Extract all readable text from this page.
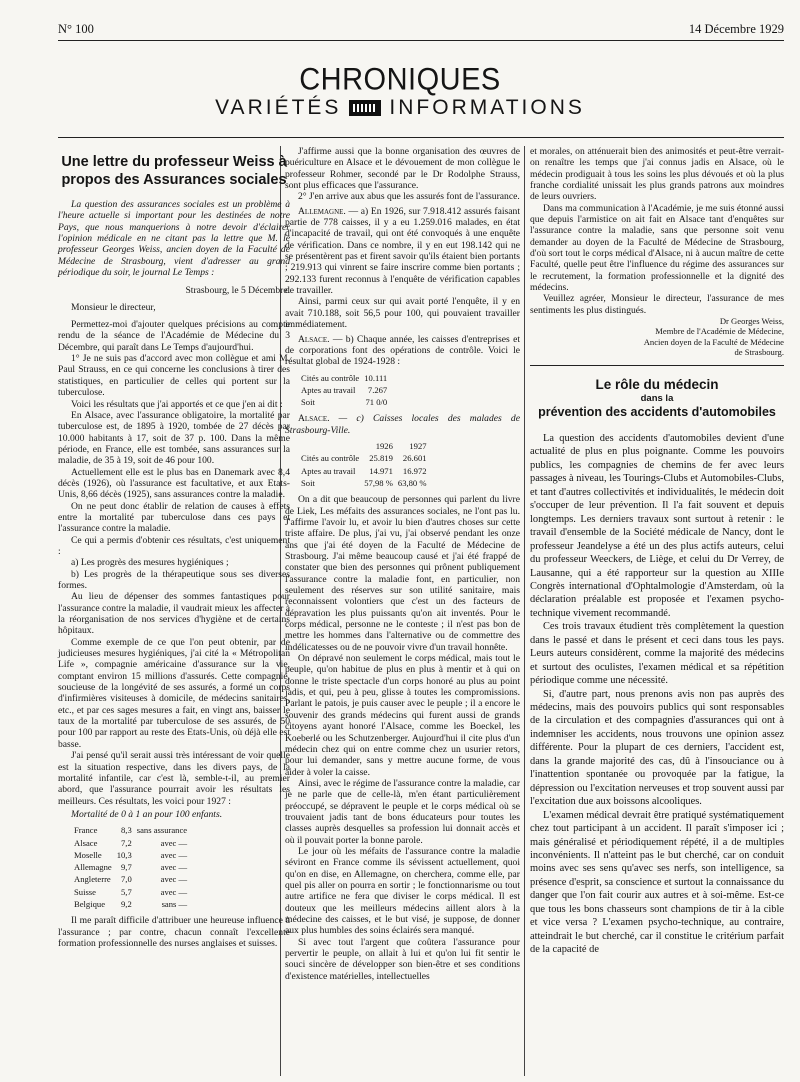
N° 100	14 Décembre 1929
CHRONIQUES
VARIÉTÉS INFORMATIONS
Une lettre du professeur Weiss à propos des Assurances sociales

La question des assurances sociales est un problème à l'heure actuelle si important pour les destinées de notre Pays, que nous manquerions à notre devoir d'éclairer l'opinion médicale en ne citant pas la lettre que M. le professeur Georges Weiss, ancien doyen de la Faculté de Médecine de Strasbourg, vient d'adresser au grand périodique du soir, le journal Le Temps :

Strasbourg, le 5 Décembre.

Monsieur le directeur,

Permettez-moi d'ajouter quelques précisions au compte rendu de la séance de l'Académie de Médecine du 3 Décembre, qui paraît dans Le Temps d'aujourd'hui.

1° Je ne suis pas d'accord avec mon collègue et ami M. Paul Strauss, en ce qui concerne les conclusions à tirer des statistiques, en particulier de celles qui portent sur la tuberculose.

Voici les résultats que j'ai apportés et ce que j'en ai dit :

En Alsace, avec l'assurance obligatoire, la mortalité par tuberculose est, de 1895 à 1920, tombée de 27 décès par 10.000 habitants à 17, soit de 37 p. 100. Dans la même période, en France, elle est tombée, sans assurances sur la maladie, de 35 à 19, soit de 46 pour 100.

Actuellement elle est le plus bas en Danemark avec 8,4 décès (1926), où l'assurance est facultative, et aux Etats-Unis, 8,66 décès (1925), sans assurances contre la maladie.

On ne peut donc établir de relation de causes à effets entre la mortalité par tuberculose dans ces pays et l'assurance contre la maladie.

Ce qui a permis d'obtenir ces résultats, c'est uniquement :

a) Les progrès des mesures hygiéniques ;

b) Les progrès de la thérapeutique sous ses diverses formes.

Au lieu de dépenser des sommes fantastiques pour l'assurance contre la maladie, il vaudrait mieux les affecter à la réorganisation de nos services d'hygiène et de certains hôpitaux.

Comme exemple de ce que l'on peut obtenir, par de judicieuses mesures hygiéniques, j'ai cité la « Métropolitan Life », compagnie américaine d'assurance sur la vie, comptant environ 15 millions d'assurés. Cette compagnie, soucieuse de la longévité de ses assurés, a formé un corps d'infirmières visiteuses à domicile, de médecins sanitaires, etc., et par ces sages mesures a fait, en vingt ans, baisser le taux de la mortalité par tuberculose de ses assurés, de 50 pour 100 par rapport au reste des Etats-Unis, où déjà elle est basse.

J'ai pensé qu'il serait aussi très intéressant de voir quelle est la situation respective, dans les divers pays, de la mortalité infantile, car c'est là, semble-t-il, au premier abord, que l'assurance pourrait avoir les résultats les meilleurs. Ces résultats, les voici pour 1927 :

Mortalité de 0 à 1 an pour 100 enfants.

France	8,3	sans assurance
Alsace	7,2	avec —
Moselle	10,3	avec —
Allemagne	9,7	avec —
Angleterre	7,0	avec —
Suisse	5,7	avec —
Belgique	9,2	sans —

Il me paraît difficile d'attribuer une heureuse influence à l'assurance ; par contre, chacun connaît l'excellente formation professionnelle des nurses anglaises et suisses.

J'affirme aussi que la bonne organisation des œuvres de puériculture en Alsace et le dévouement de mon collègue le professeur Rohmer, secondé par le Dr Rodolphe Strauss, sont plus efficaces que l'assurance.

2° J'en arrive aux abus que les assurés font de l'assurance.

Allemagne. — a) En 1926, sur 7.918.412 assurés faisant partie de 778 caisses, il y a eu 1.259.016 malades, en état d'incapacité de travail, qui ont été convoqués à une enquête de vérification. Dans ce nombre, il y en eut 198.142 qui ne se présentèrent pas et firent savoir qu'ils étaient bien portants ; 219.913 qui vinrent se faire inscrire comme bien portants ; 292.133 furent reconnus à l'enquête de vérification capables de travailler.

Ainsi, parmi ceux sur qui avait porté l'enquête, il y en avait 710.188, soit 56,5 pour 100, qui pouvaient travailler immédiatement.

Alsace. — b) Chaque année, les caisses d'entreprises et de corporations font des opérations de contrôle. Voici le résultat global de 1924-1928 :

Cités au contrôle	10.111
Aptes au travail	7.267
Soit	71 0/0

Alsace. — c) Caisses locales des malades de Strasbourg-Ville.

	1926	1927
Cités au contrôle	25.819	26.601
Aptes au travail	14.971	16.972
Soit	57,98 %	63,80 %

On a dit que beaucoup de personnes qui parlent du livre de Liek, Les méfaits des assurances sociales, ne l'ont pas lu. J'affirme l'avoir lu, et avoir lu bien d'autres choses sur cette triste affaire. De plus, j'ai vu, j'ai observé pendant les onze ans que j'ai été doyen de la Faculté de Médecine de Strasbourg. J'ai même beaucoup causé et j'ai été frappé de constater que bien des personnes qui prônent publiquement l'assurance contre la maladie font, en particulier, non seulement des réserves sur son utilité sanitaire, mais reconnaissent volontiers que c'est un des facteurs de dépravation les plus puissants qu'on ait inventés. Pour le corps médical, personne ne le conteste ; il n'est pas bon de mettre les hommes dans l'alternative ou de commettre des indélicatesses ou de ne pouvoir vivre d'un travail honnête.

On dépravé non seulement le corps médical, mais tout le peuple, qu'on habitue de plus en plus à mentir et à qui on donne le triste spectacle d'un corps honoré au plus au point jadis, et qui, peu à peu, glisse à toutes les compromissions. Parlant le patois, je puis causer avec le peuple ; il a encore le souvenir des grands médecins qui furent aussi de grands citoyens ayant honoré l'Alsace, comme les Boeckel, les Koeberlé ou les Schutzenberger. Aujourd'hui il cite plus d'un médecin chez qui on entre comme chez un usurier retors, pour lui demander, sans y mettre aucune forme, de vous aider à voler la caisse.

Ainsi, avec le régime de l'assurance contre la maladie, car je ne parle que de celle-là, m'en étant particulièrement préoccupé, se dépravent le peuple et le corps médical où se trouvaient jadis tant de bons éducateurs pour toutes les classes auprès desquelles sa profession lui donnait accès et où il pouvait porter la bonne parole.

Le jour où les méfaits de l'assurance contre la maladie séviront en France comme ils sévissent actuellement, quoi qu'on en dise, en Allemagne, on cherchera, comme elle, par quel pis aller on pourra en sortir ; le fonctionnarisme ou tout autre artifice ne fera que diviser le corps médical. Il est douteux que les meilleurs médecins aillent alors à la médecine des caisses, et le but visé, je suppose, de donner aux plus humbles des soins éclairés sera manqué.

Si avec tout l'argent que coûtera l'assurance pour pervertir le peuple, on allait à lui et qu'on lui fit sentir le souci sincère de développer son bien-être et ses conditions d'existence matérielles, intellectuelles

et morales, on atténuerait bien des animosités et peut-être verrait-on renaître les temps que j'ai connus jadis en Alsace, où le médecin prodiguait à tous les soins les plus dévoués et où la plus franche cordialité unissait les plus grands patrons aux moindres de leurs ouvriers.

Dans ma communication à l'Académie, je me suis étonné aussi que depuis l'armistice on ait fait en Alsace tant d'enquêtes sur l'assurance contre la maladie, sans que personne soit venu demander au doyen de la Faculté de Médecine de Strasbourg, d'où sort tout le corps médical d'Alsace, ni à aucun maître de cette Faculté, quelle peut être l'influence du régime des assurances sur le recrutement, la formation professionnelle et la dignité des médecins.

Veuillez agréer, Monsieur le directeur, l'assurance de mes sentiments les plus distingués.

Dr Georges Weiss,

Membre de l'Académie de Médecine,

Ancien doyen de la Faculté de Médecine

de Strasbourg.

Le rôle du médecin
dans la
prévention des accidents d'automobiles

La question des accidents d'automobiles devient d'une actualité de plus en plus poignante. Comme les pouvoirs publics, les compagnies de chemins de fer avec leurs passages à niveau, les Tourings-Clubs et Automobiles-Clubs, et tant d'autres collectivités et individualités, le médecin doit s'occuper de leur prévention. Il l'a fait souvent et depuis longtemps. Les derniers travaux sont surtout à retenir : le travail d'ensemble de la Société médicale de Nancy, dont le professeur Jeandelyse a été un des plus actifs auteurs, celui du professeur Weeckers, de Liège, et celui du Dr Verrey, de Lausanne, qui a été rapporteur sur la question au XIIIe Congrès international d'Ophtalmologie d'Amsterdam, où la déclaration préalable est proposée et l'examen psycho-technique vivement recommandé.

Ces trois travaux étudient très complètement la question dans le passé et dans le présent et ceci dans tous les pays. Leurs auteurs considèrent, comme la majorité des médecins et surtout des oculistes, l'examen médical et sa répétition périodique comme une nécessité.

Si, d'autre part, nous prenons avis non pas auprès des médecins, mais des pouvoirs publics qui sont responsables de la circulation et des compagnies d'assurances qui ont à indemniser les accidents, nous trouvons une opinion assez différente. Pour la plupart de ces derniers, l'accident est, dans la grande majorité des cas, dû à l'insouciance ou à l'inattention spontanée ou provoquée par la fatigue, la dépression ou l'excitation nerveuses et trop souvent aussi par l'excitation due aux boissons alcooliques.

L'examen médical devrait être pratiqué systématiquement chez tout participant à un accident. Il paraît s'imposer ici ; mais généralisé et périodiquement répété, il a de multiples inconvénients. Il n'atteint pas le but cherché, car on conduit moins avec ses sens qu'avec ses nerfs, son intelligence, sa présence d'esprit, sa conscience et surtout la connaissance du danger que l'on fait courir aux autres et à soi-même. Est-ce que tous les bons chasseurs sont champions de tir à la cible et vice versa ? L'examen psycho-technique, au contraire, atteindrait le but cherché, car il constitue le critérium parfait de la capacité de
